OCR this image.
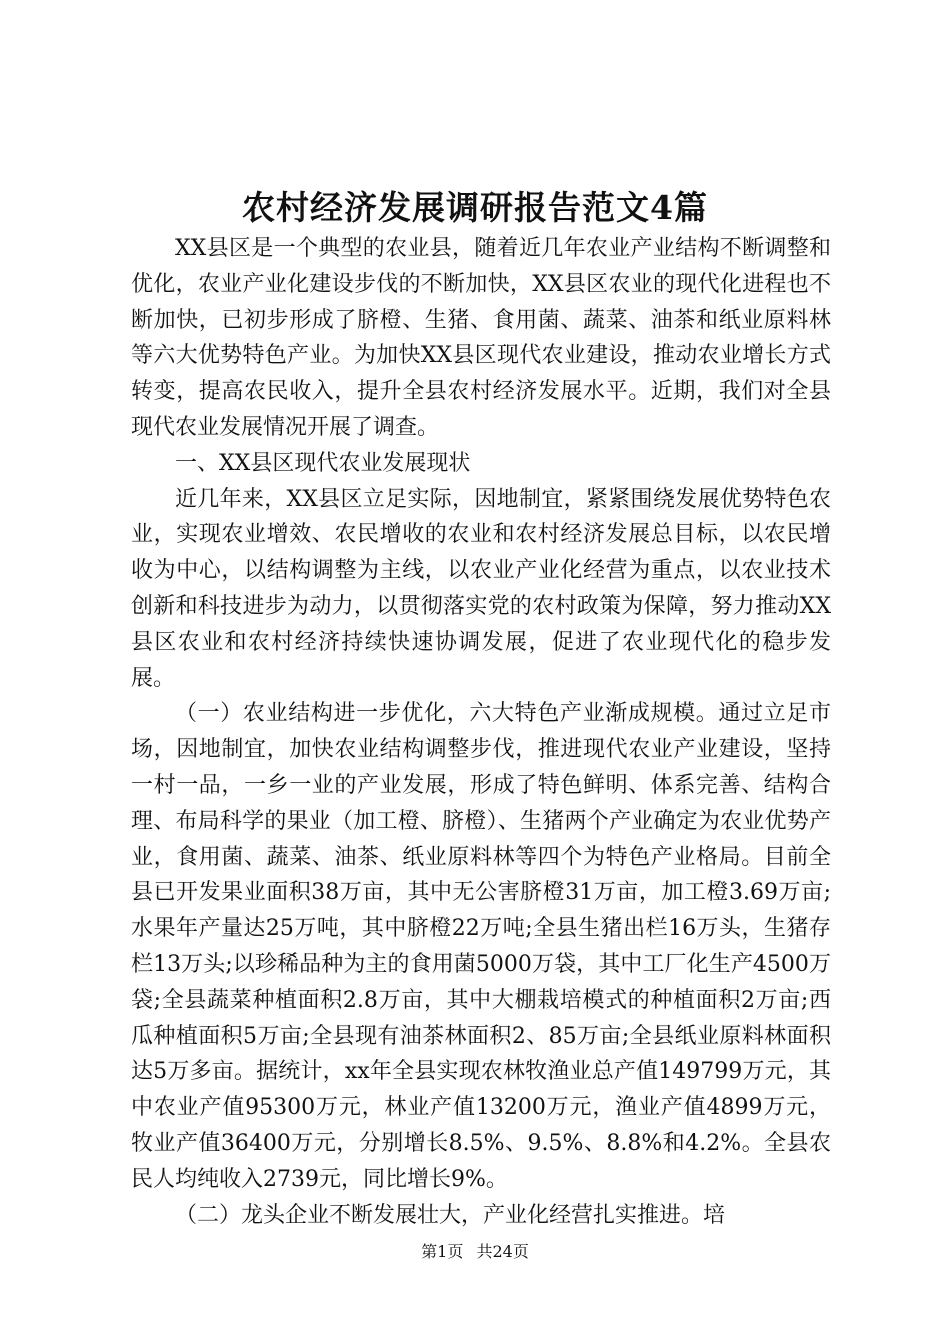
农村经济发展调研报告范文4篇

XX县区是一个典型的农业县，随着近几年农业产业结构不断调整和优化，农业产业化建设步伐的不断加快，XX县区农业的现代化进程也不断加快，已初步形成了脐橙、生猪、食用菌、蔬菜、油茶和纸业原料林等六大优势特色产业。为加快XX县区现代农业建设，推动农业增长方式转变，提高农民收入，提升全县农村经济发展水平。近期，我们对全县现代农业发展情况开展了调查。

一、XX县区现代农业发展现状

近几年来，XX县区立足实际，因地制宜，紧紧围绕发展优势特色农业，实现农业增效、农民增收的农业和农村经济发展总目标，以农民增收为中心，以结构调整为主线，以农业产业化经营为重点，以农业技术创新和科技进步为动力，以贯彻落实党的农村政策为保障，努力推动XX县区农业和农村经济持续快速协调发展，促进了农业现代化的稳步发展。

（一）农业结构进一步优化，六大特色产业渐成规模。通过立足市场，因地制宜，加快农业结构调整步伐，推进现代农业产业建设，坚持一村一品，一乡一业的产业发展，形成了特色鲜明、体系完善、结构合理、布局科学的果业（加工橙、脐橙）、生猪两个产业确定为农业优势产业，食用菌、蔬菜、油茶、纸业原料林等四个为特色产业格局。目前全县已开发果业面积38万亩，其中无公害脐橙31万亩，加工橙3.69万亩;水果年产量达25万吨，其中脐橙22万吨;全县生猪出栏16万头，生猪存栏13万头;以珍稀品种为主的食用菌5000万袋，其中工厂化生产4500万袋;全县蔬菜种植面积2.8万亩，其中大棚栽培模式的种植面积2万亩;西瓜种植面积5万亩;全县现有油茶林面积2、85万亩;全县纸业原料林面积达5万多亩。据统计，xx年全县实现农林牧渔业总产值149799万元，其中农业产值95300万元，林业产值13200万元，渔业产值4899万元，牧业产值36400万元，分别增长8.5%、9.5%、8.8%和4.2%。全县农民人均纯收入2739元，同比增长9%。

（二）龙头企业不断发展壮大，产业化经营扎实推进。培

第1页 共24页
